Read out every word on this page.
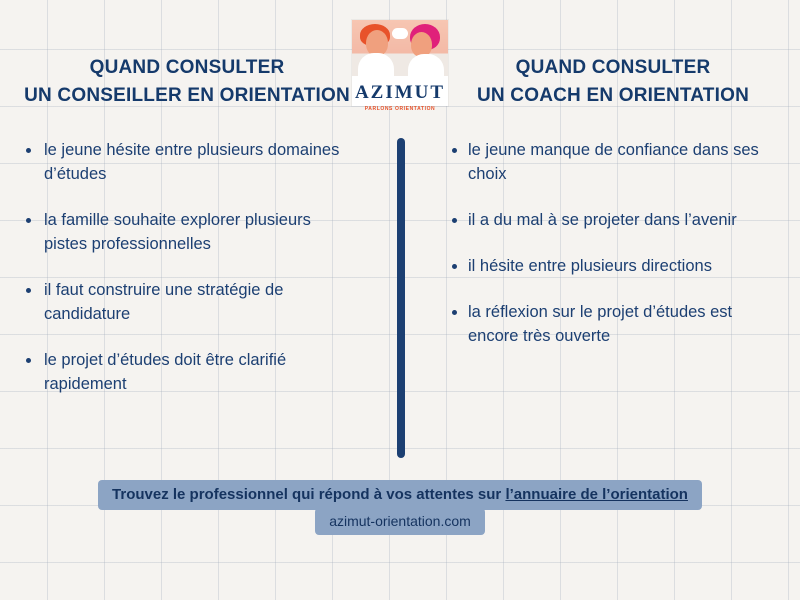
AZIMUT
PARLONS ORIENTATION
QUAND CONSULTER
UN CONSEILLER EN ORIENTATION
le jeune hésite entre plusieurs domaines d’études
la famille souhaite explorer plusieurs pistes professionnelles
il faut construire une stratégie de candidature
le projet d’études doit être clarifié rapidement
QUAND CONSULTER
UN COACH EN ORIENTATION
le jeune manque de confiance dans ses choix
il a du mal à se projeter dans l’avenir
il hésite entre plusieurs directions
la réflexion sur le projet d’études est encore très ouverte
Trouvez le professionnel qui répond à vos attentes sur l’annuaire de l’orientation
azimut-orientation.com
